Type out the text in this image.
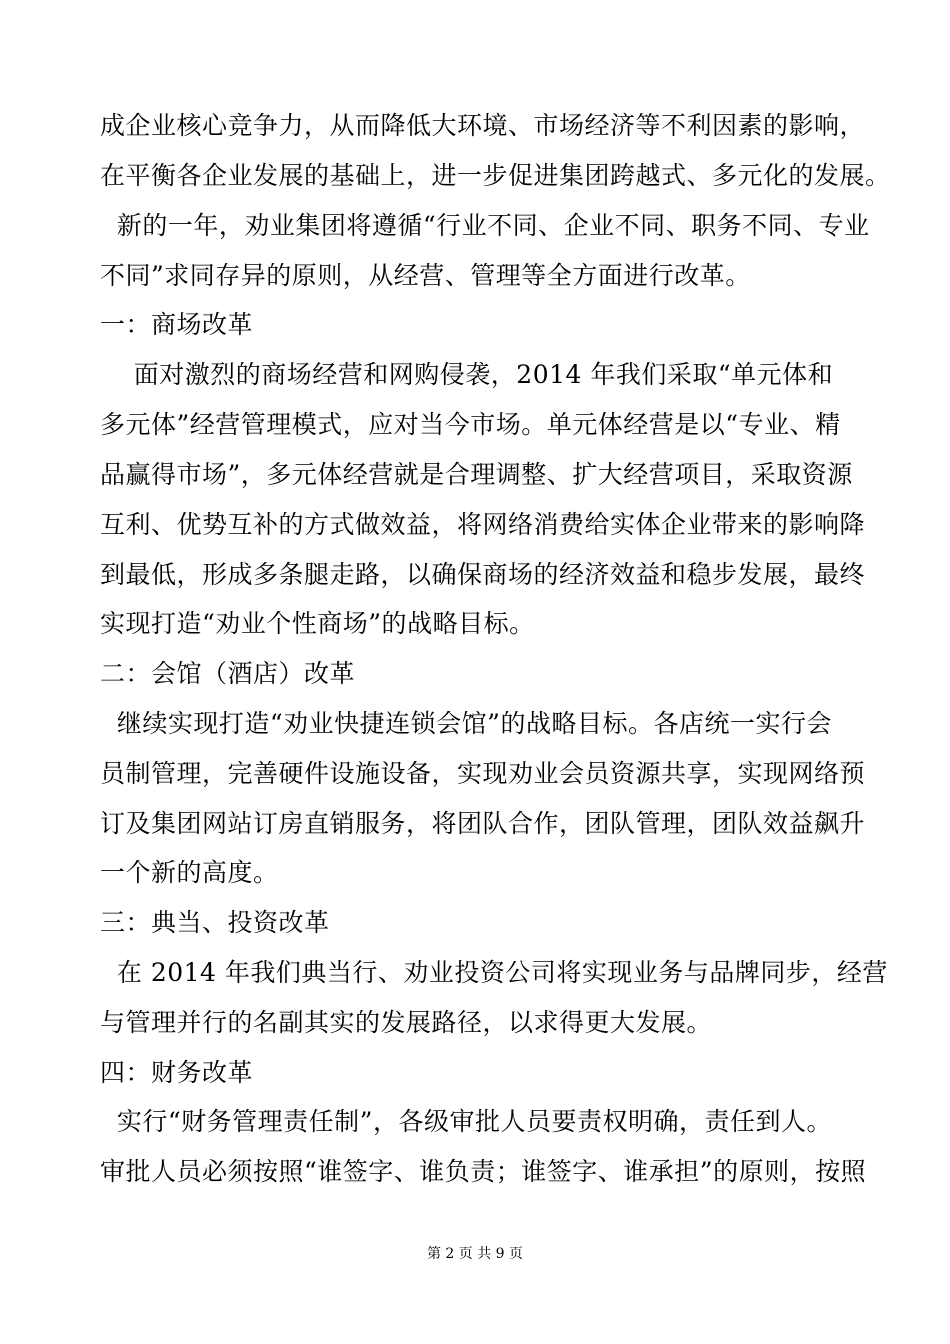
成企业核心竞争力，从而降低大环境、市场经济等不利因素的影响，
在平衡各企业发展的基础上，进一步促进集团跨越式、多元化的发展。
新的一年，劝业集团将遵循“行业不同、企业不同、职务不同、专业
不同”求同存异的原则，从经营、管理等全方面进行改革。
一：商场改革
面对激烈的商场经营和网购侵袭，2014 年我们采取“单元体和
多元体”经营管理模式，应对当今市场。单元体经营是以“专业、精
品赢得市场”，多元体经营就是合理调整、扩大经营项目，采取资源
互利、优势互补的方式做效益，将网络消费给实体企业带来的影响降
到最低，形成多条腿走路，以确保商场的经济效益和稳步发展，最终
实现打造“劝业个性商场”的战略目标。
二：会馆（酒店）改革
继续实现打造“劝业快捷连锁会馆”的战略目标。各店统一实行会
员制管理，完善硬件设施设备，实现劝业会员资源共享，实现网络预
订及集团网站订房直销服务，将团队合作，团队管理，团队效益飙升
一个新的高度。
三：典当、投资改革
在 2014 年我们典当行、劝业投资公司将实现业务与品牌同步，经营
与管理并行的名副其实的发展路径，以求得更大发展。
四：财务改革
实行“财务管理责任制”，各级审批人员要责权明确，责任到人。
审批人员必须按照“谁签字、谁负责；谁签字、谁承担”的原则，按照
第 2 页 共 9 页
